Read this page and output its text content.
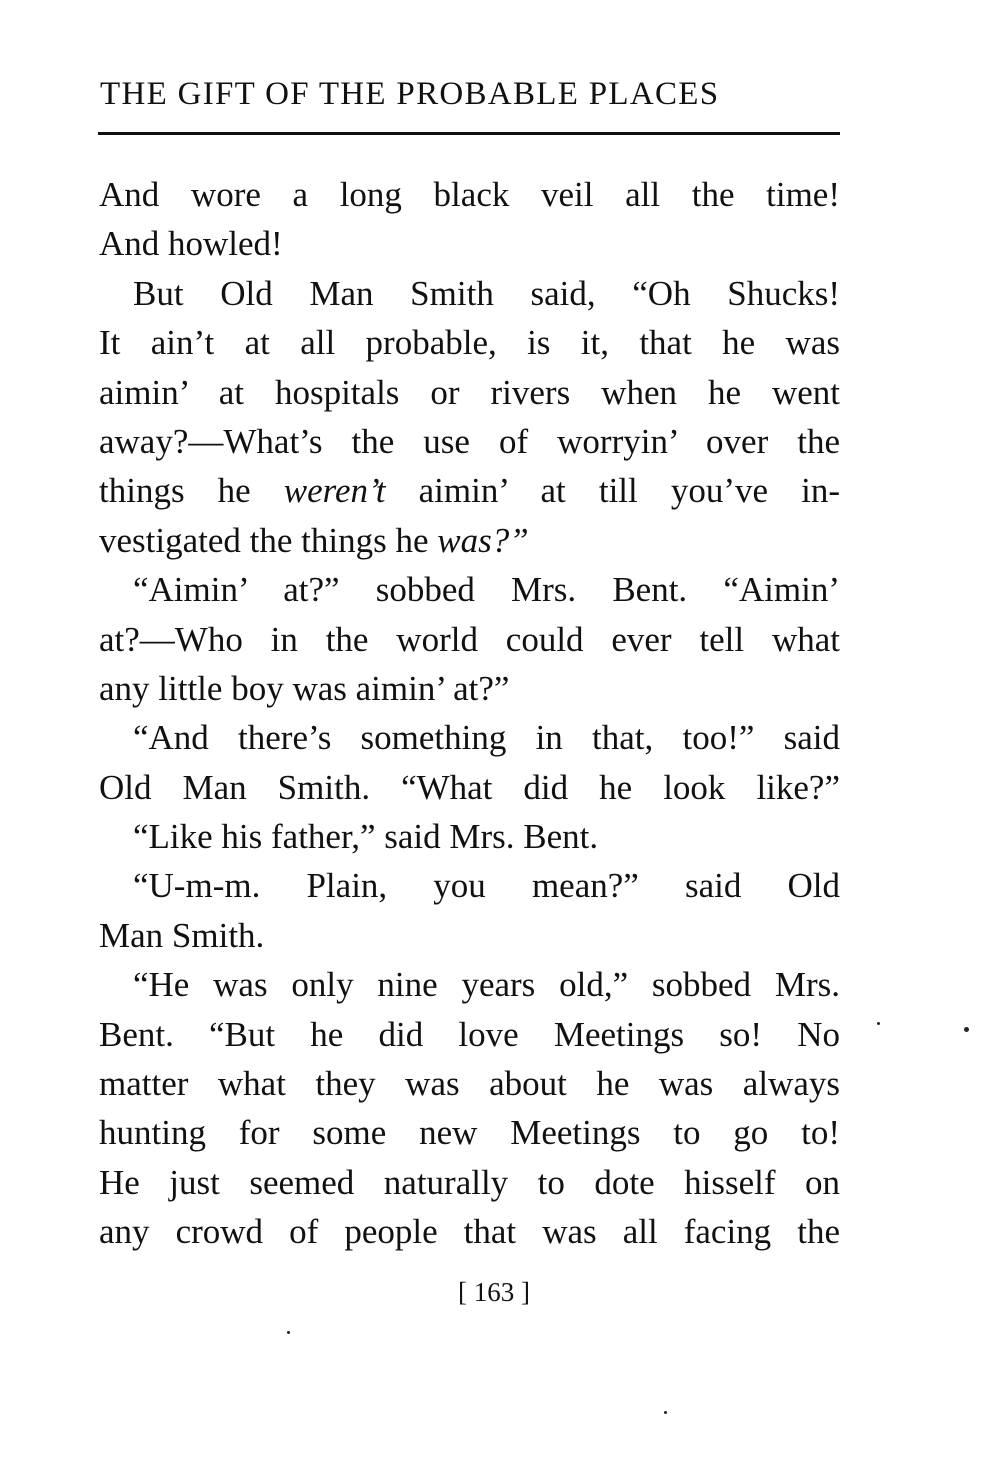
THE GIFT OF THE PROBABLE PLACES
And wore a long black veil all the time!
And howled!
But Old Man Smith said, “Oh Shucks!
It ain’t at all probable, is it, that he was
aimin’ at hospitals or rivers when he went
away?—What’s the use of worryin’ over the
things he weren’t aimin’ at till you’ve in-
vestigated the things he was?”
“Aimin’ at?” sobbed Mrs. Bent. “Aimin’
at?—Who in the world could ever tell what
any little boy was aimin’ at?”
“And there’s something in that, too!” said
Old Man Smith. “What did he look like?”
“Like his father,” said Mrs. Bent.
“U-m-m. Plain, you mean?” said Old
Man Smith.
“He was only nine years old,” sobbed Mrs.
Bent. “But he did love Meetings so! No
matter what they was about he was always
hunting for some new Meetings to go to!
He just seemed naturally to dote hisself on
any crowd of people that was all facing the
[ 163 ]
